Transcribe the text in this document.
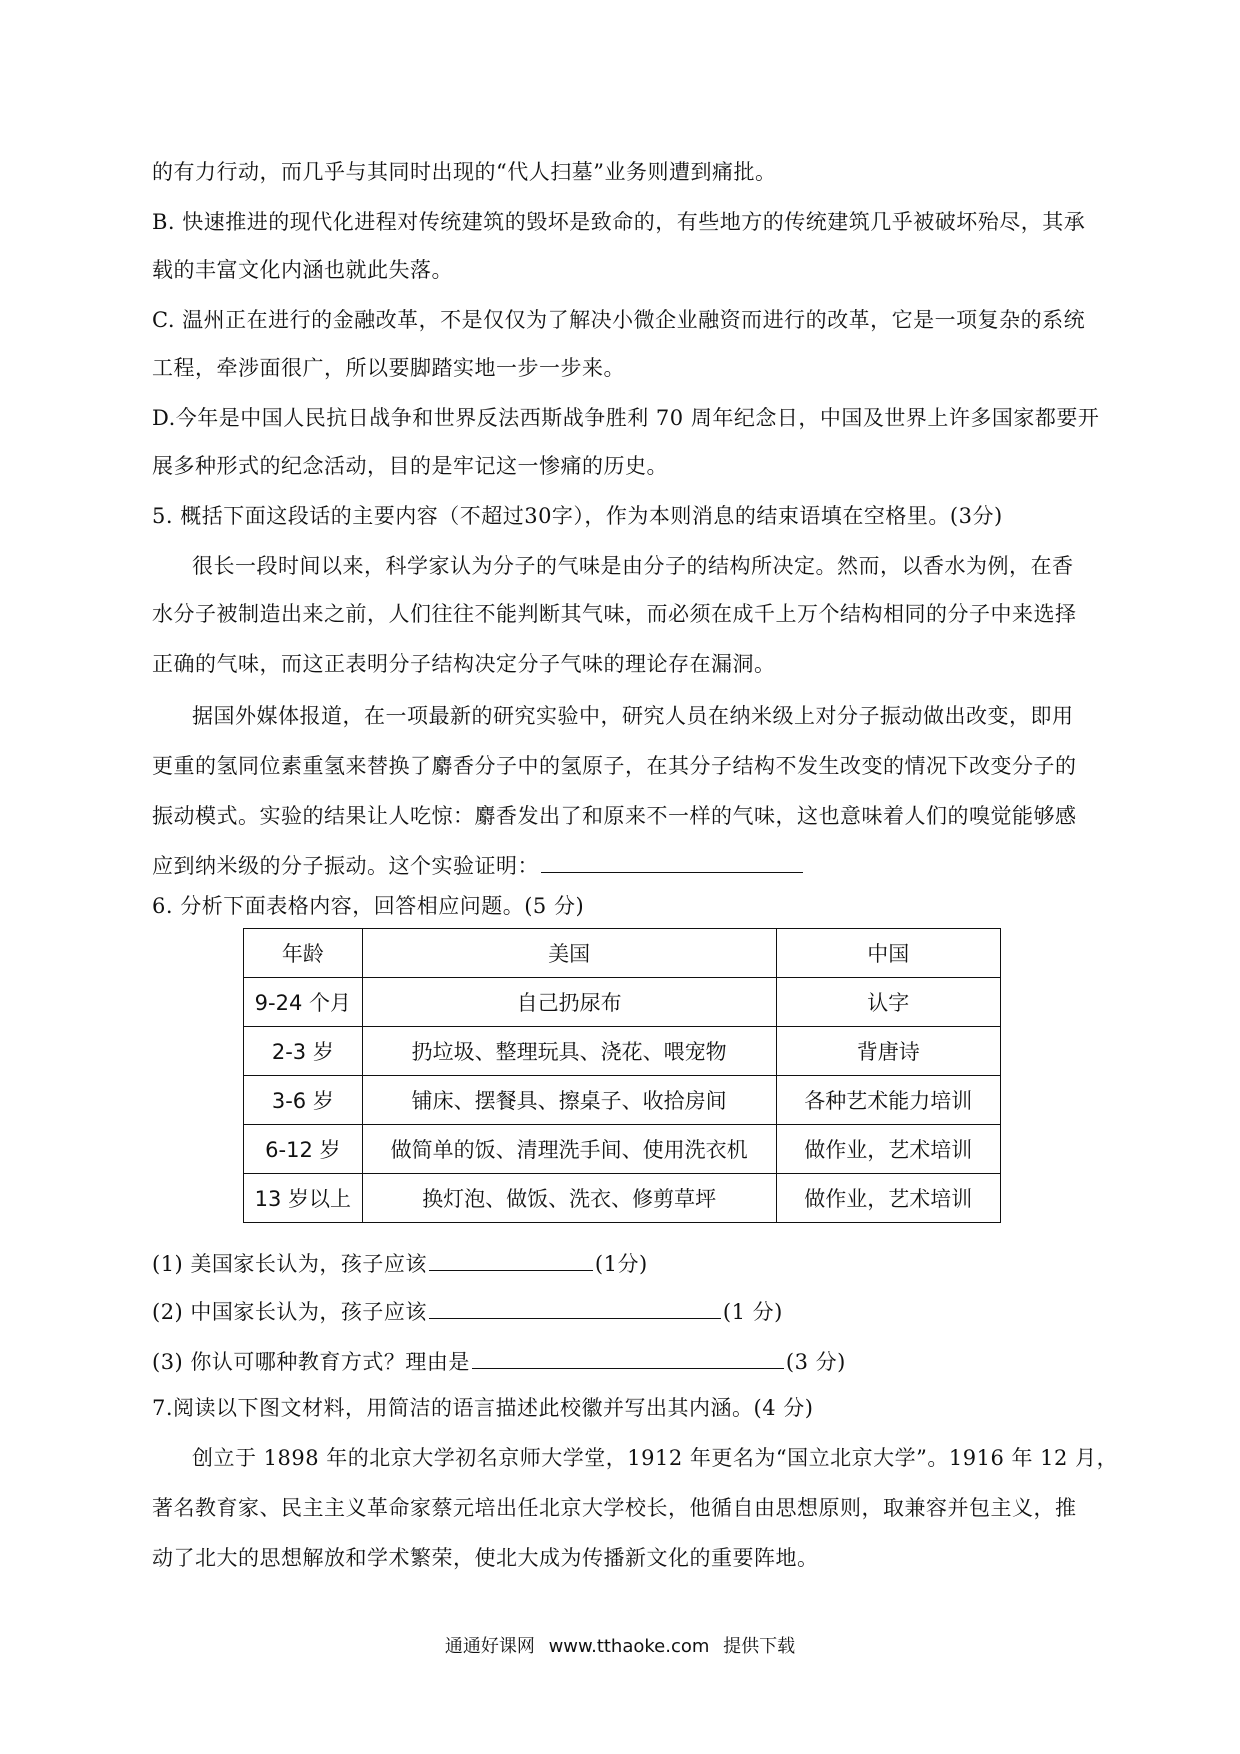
的有力行动，而几乎与其同时出现的“代人扫墓”业务则遭到痛批。
B. 快速推进的现代化进程对传统建筑的毁坏是致命的，有些地方的传统建筑几乎被破坏殆尽，其承
载的丰富文化内涵也就此失落。
C. 温州正在进行的金融改革，不是仅仅为了解决小微企业融资而进行的改革，它是一项复杂的系统
工程，牵涉面很广，所以要脚踏实地一步一步来。
D.今年是中国人民抗日战争和世界反法西斯战争胜利 70 周年纪念日，中国及世界上许多国家都要开
展多种形式的纪念活动，目的是牢记这一惨痛的历史。
5. 概括下面这段话的主要内容（不超过30字），作为本则消息的结束语填在空格里。(3分)
很长一段时间以来，科学家认为分子的气味是由分子的结构所决定。然而，以香水为例，在香
水分子被制造出来之前，人们往往不能判断其气味，而必须在成千上万个结构相同的分子中来选择
正确的气味，而这正表明分子结构决定分子气味的理论存在漏洞。
据国外媒体报道，在一项最新的研究实验中，研究人员在纳米级上对分子振动做出改变，即用
更重的氢同位素重氢来替换了麝香分子中的氢原子，在其分子结构不发生改变的情况下改变分子的
振动模式。实验的结果让人吃惊：麝香发出了和原来不一样的气味，这也意味着人们的嗅觉能够感
应到纳米级的分子振动。这个实验证明：
6. 分析下面表格内容，回答相应问题。(5 分)
年龄	美国	中国
9-24 个月	自己扔尿布	认字
2-3 岁	扔垃圾、整理玩具、浇花、喂宠物	背唐诗
3-6 岁	铺床、摆餐具、擦桌子、收拾房间	各种艺术能力培训
6-12 岁	做简单的饭、清理洗手间、使用洗衣机	做作业，艺术培训
13 岁以上	换灯泡、做饭、洗衣、修剪草坪	做作业，艺术培训
(1) 美国家长认为，孩子应该	(1分)
(2) 中国家长认为，孩子应该	(1 分)
(3) 你认可哪种教育方式？理由是	(3 分)
7.阅读以下图文材料，用简洁的语言描述此校徽并写出其内涵。(4 分)
创立于 1898 年的北京大学初名京师大学堂，1912 年更名为“国立北京大学”。1916 年 12 月，
著名教育家、民主主义革命家蔡元培出任北京大学校长，他循自由思想原则，取兼容并包主义，推
动了北大的思想解放和学术繁荣，使北大成为传播新文化的重要阵地。
通通好课网 www.tthaoke.com 提供下载
